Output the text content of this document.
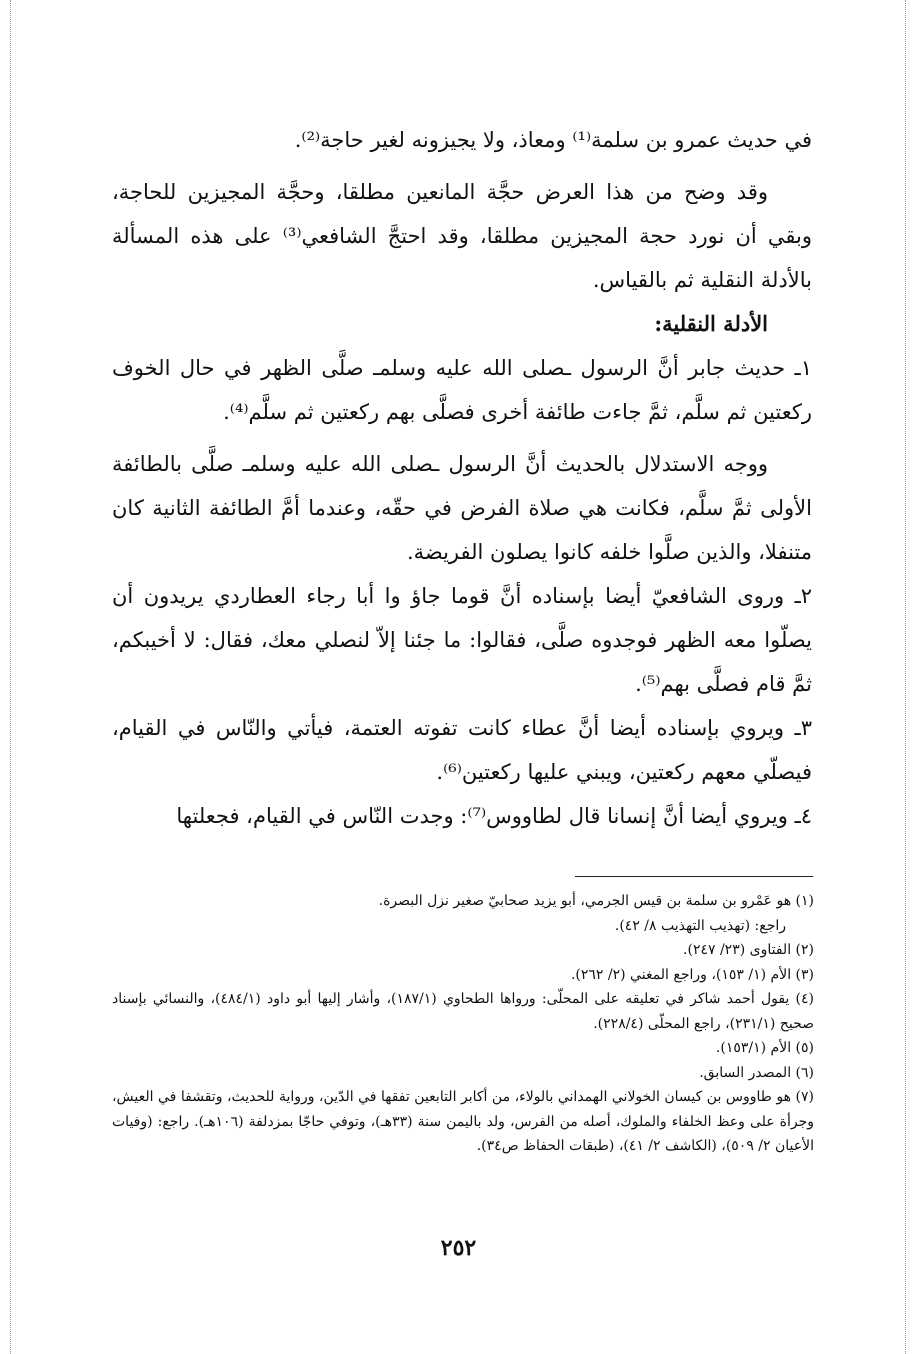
في حديث عمرو بن سلمة⁽¹⁾ ومعاذ، ولا يجيزونه لغير حاجة⁽²⁾.

وقد وضح من هذا العرض حجَّة المانعين مطلقا، وحجَّة المجيزين للحاجة، وبقي أن نورد حجة المجيزين مطلقا، وقد احتجَّ الشافعي⁽³⁾ على هذه المسألة بالأدلة النقلية ثم بالقياس.

الأدلة النقلية:

١ـ حديث جابر أنَّ الرسول ـصلى الله عليه وسلمـ صلَّى الظهر في حال الخوف ركعتين ثم سلَّم، ثمَّ جاءت طائفة أخرى فصلَّى بهم ركعتين ثم سلَّم⁽⁴⁾.

ووجه الاستدلال بالحديث أنَّ الرسول ـصلى الله عليه وسلمـ صلَّى بالطائفة الأولى ثمَّ سلَّم، فكانت هي صلاة الفرض في حقّه، وعندما أمَّ الطائفة الثانية كان متنفلا، والذين صلَّوا خلفه كانوا يصلون الفريضة.

٢ـ وروى الشافعيّ أيضا بإسناده أنَّ قوما جاؤ وا أبا رجاء العطاردي يريدون أن يصلّوا معه الظهر فوجدوه صلَّى، فقالوا: ما جئنا إلاّ لنصلي معك، فقال: لا أخيبكم، ثمَّ قام فصلَّى بهم⁽⁵⁾.

٣ـ ويروي بإسناده أيضا أنَّ عطاء كانت تفوته العتمة، فيأتي والنّاس في القيام، فيصلّي معهم ركعتين، ويبني عليها ركعتين⁽⁶⁾.

٤ـ ويروي أيضا أنَّ إنسانا قال لطاووس⁽⁷⁾: وجدت النّاس في القيام، فجعلتها

(١) هو عَمْرو بن سلمة بن قيس الجرمي، أبو يزيد صحابيّ صغير نزل البصرة.

راجع: (تهذيب التهذيب ٨/ ٤٢).

(٢) الفتاوى (٢٣/ ٢٤٧).

(٣) الأم (١/ ١٥٣)، وراجع المغني (٢/ ٢٦٢).

(٤) يقول أحمد شاكر في تعليقه على المحلّى: ورواها الطحاوي (١٨٧/١)، وأشار إليها أبو داود (٤٨٤/١)، والنسائي بإسناد صحيح (٢٣١/١)، راجع المحلّى (٢٢٨/٤).

(٥) الأم (١٥٣/١).

(٦) المصدر السابق.

(٧) هو طاووس بن كيسان الخولاني الهمداني بالولاء، من أكابر التابعين تفقها في الدّين، ورواية للحديث، وتقشفا في العيش، وجرأة على وعظ الخلفاء والملوك، أصله من الفرس، ولد باليمن سنة (٣٣هـ)، وتوفي حاجّا بمزدلفة (١٠٦هـ). راجع: (وفيات الأعيان ٢/ ٥٠٩)، (الكاشف ٢/ ٤١)، (طبقات الحفاظ ص٣٤).

٢٥٢
